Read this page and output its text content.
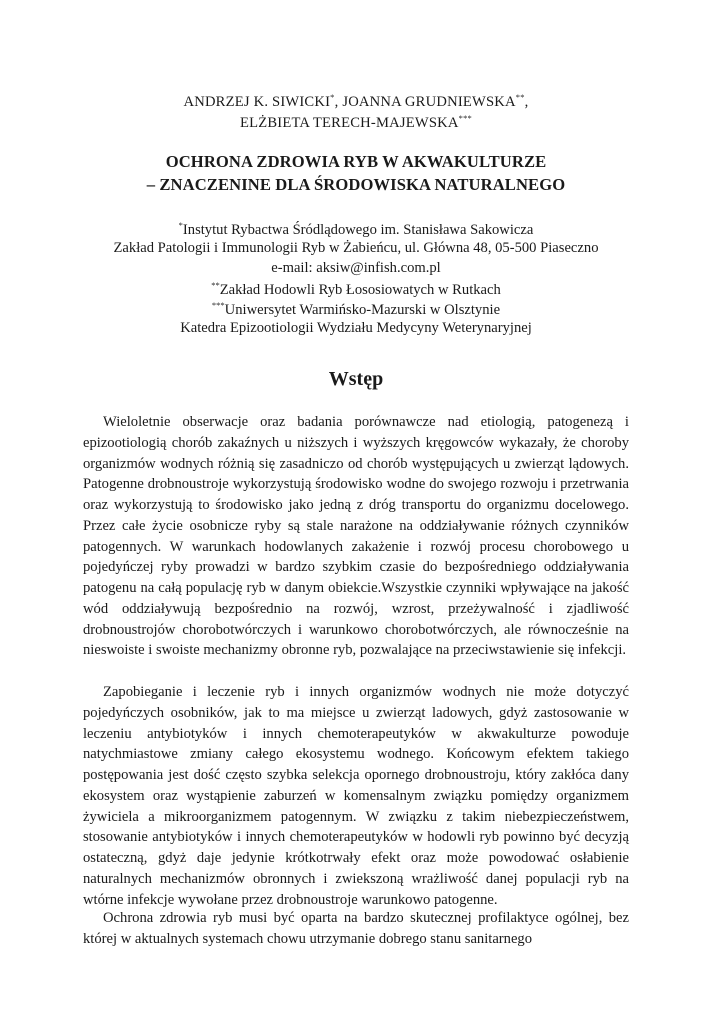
ANDRZEJ K. SIWICKI*, JOANNA GRUDNIEWSKA**,
ELŻBIETA TERECH-MAJEWSKA***
OCHRONA ZDROWIA RYB W AKWAKULTURZE
– ZNACZENINE DLA ŚRODOWISKA NATURALNEGO
*Instytut Rybactwa Śródlądowego im. Stanisława Sakowicza
Zakład Patologii i Immunologii Ryb w Żabieńcu, ul. Główna 48, 05-500 Piaseczno
e-mail: aksiw@infish.com.pl
**Zakład Hodowli Ryb Łososiowatych w Rutkach
***Uniwersytet Warmińsko-Mazurski w Olsztynie
Katedra Epizootiologii Wydziału Medycyny Weterynaryjnej
Wstęp

Wieloletnie obserwacje oraz badania porównawcze nad etiologią, patogenezą i epizootiologią chorób zakaźnych u niższych i wyższych kręgowców wykazały, że choroby organizmów wodnych różnią się zasadniczo od chorób występujących u zwierząt lądowych. Patogenne drobnoustroje wykorzystują środowisko wodne do swojego rozwoju i przetrwania oraz wykorzystują to środowisko jako jedną z dróg transportu do organizmu docelowego. Przez całe życie osobnicze ryby są stale narażone na oddziaływanie różnych czynników patogennych. W warunkach hodowlanych zakażenie i rozwój procesu chorobowego u pojedyńczej ryby prowadzi w bardzo szybkim czasie do bezpośredniego oddziaływania patogenu na całą populację ryb w danym obiekcie.Wszystkie czynniki wpływające na jakość wód oddziaływują bezpośrednio na rozwój, wzrost, przeżywalność i zjadliwość drobnoustrojów chorobotwórczych i warunkowo chorobotwórczych, ale równocześnie na nieswoiste i swoiste mechanizmy obronne ryb, pozwalające na przeciwstawienie się infekcji.

Zapobieganie i leczenie ryb i innych organizmów wodnych nie może dotyczyć pojedyńczych osobników, jak to ma miejsce u zwierząt ladowych, gdyż zastosowanie w leczeniu antybiotyków i innych chemoterapeutyków w akwakulturze powoduje natychmiastowe zmiany całego ekosystemu wodnego. Końcowym efektem takiego postępowania jest dość często szybka selekcja opornego drobnoustroju, który zakłóca dany ekosystem oraz wystąpienie zaburzeń w komensalnym związku pomiędzy organizmem żywiciela a mikroorganizmem patogennym. W związku z takim niebezpieczeństwem, stosowanie antybiotyków i innych chemoterapeutyków w hodowli ryb powinno być decyzją ostateczną, gdyż daje jedynie krótkotrwały efekt oraz może powodować osłabienie naturalnych mechanizmów obronnych i zwiekszoną wrażliwość danej populacji ryb na wtórne infekcje wywołane przez drobnoustroje warunkowo patogenne.

Ochrona zdrowia ryb musi być oparta na bardzo skutecznej profilaktyce ogólnej, bez której w aktualnych systemach chowu utrzymanie dobrego stanu sanitarnego
